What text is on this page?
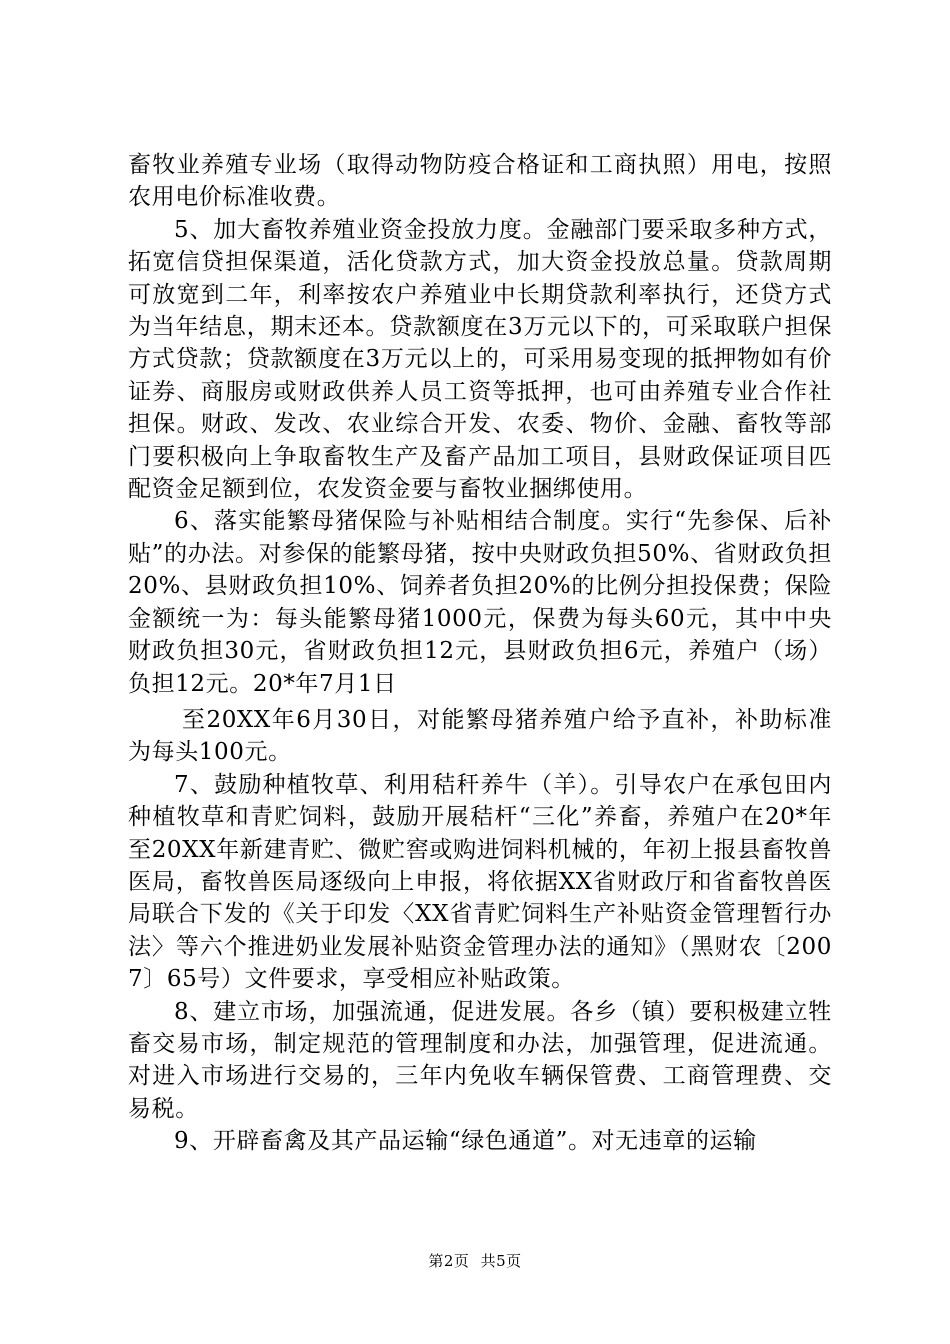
畜牧业养殖专业场（取得动物防疫合格证和工商执照）用电，按照农用电价标准收费。

5、加大畜牧养殖业资金投放力度。金融部门要采取多种方式，拓宽信贷担保渠道，活化贷款方式，加大资金投放总量。贷款周期可放宽到二年，利率按农户养殖业中长期贷款利率执行，还贷方式为当年结息，期末还本。贷款额度在3万元以下的，可采取联户担保方式贷款；贷款额度在3万元以上的，可采用易变现的抵押物如有价证券、商服房或财政供养人员工资等抵押，也可由养殖专业合作社担保。财政、发改、农业综合开发、农委、物价、金融、畜牧等部门要积极向上争取畜牧生产及畜产品加工项目，县财政保证项目匹配资金足额到位，农发资金要与畜牧业捆绑使用。

6、落实能繁母猪保险与补贴相结合制度。实行“先参保、后补贴”的办法。对参保的能繁母猪，按中央财政负担50%、省财政负担20%、县财政负担10%、饲养者负担20%的比例分担投保费；保险金额统一为：每头能繁母猪1000元，保费为每头60元，其中中央财政负担30元，省财政负担12元，县财政负担6元，养殖户（场）负担12元。20*年7月1日

至20XX年6月30日，对能繁母猪养殖户给予直补，补助标准为每头100元。

7、鼓励种植牧草、利用秸秆养牛（羊）。引导农户在承包田内种植牧草和青贮饲料，鼓励开展秸杆“三化”养畜，养殖户在20*年至20XX年新建青贮、微贮窖或购进饲料机械的，年初上报县畜牧兽医局，畜牧兽医局逐级向上申报，将依据XX省财政厅和省畜牧兽医局联合下发的《关于印发〈XX省青贮饲料生产补贴资金管理暂行办法〉等六个推进奶业发展补贴资金管理办法的通知》（黑财农〔2007〕65号）文件要求，享受相应补贴政策。

8、建立市场，加强流通，促进发展。各乡（镇）要积极建立牲畜交易市场，制定规范的管理制度和办法，加强管理，促进流通。对进入市场进行交易的，三年内免收车辆保管费、工商管理费、交易税。

9、开辟畜禽及其产品运输“绿色通道”。对无违章的运输

第2页 共5页
